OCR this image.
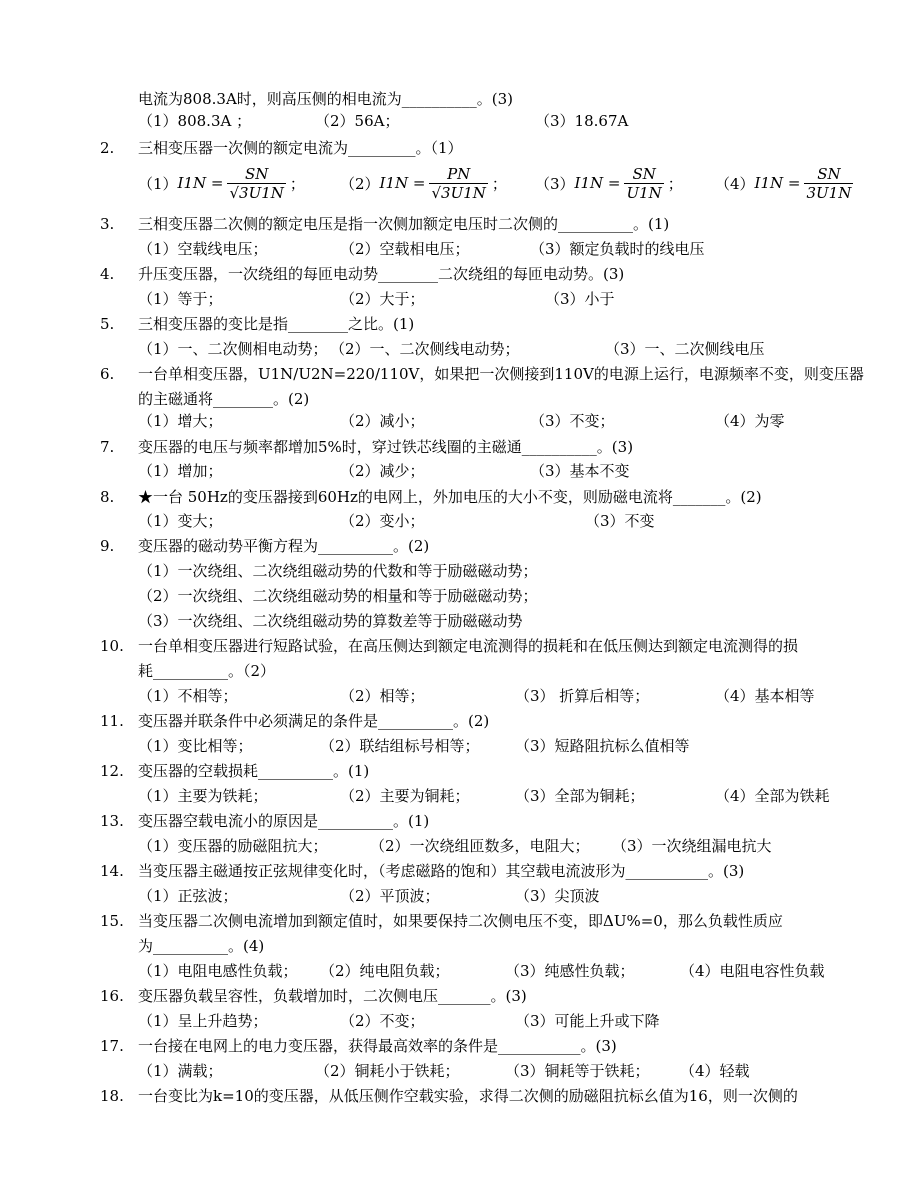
电流为808.3A时，则高压侧的相电流为__________。(3)
（1）808.3A ；	（2）56A；	（3）18.67A
2.	三相变压器一次侧的额定电流为_________。（1）
3.	三相变压器二次侧的额定电压是指一次侧加额定电压时二次侧的__________。(1)
（1）空载线电压；	（2）空载相电压；	（3）额定负载时的线电压
4.	升压变压器，一次绕组的每匝电动势________二次绕组的每匝电动势。(3)
（1）等于；	（2）大于；	（3）小于
5.	三相变压器的变比是指________之比。(1)
（1）一、二次侧相电动势； （2）一、二次侧线电动势；	（3）一、二次侧线电压
6.	一台单相变压器，U1N/U2N=220/110V，如果把一次侧接到110V的电源上运行，电源频率不变，则变压器
的主磁通将________。(2)
（1）增大；	（2）减小；	（3）不变；	（4）为零
7.	变压器的电压与频率都增加5%时，穿过铁芯线圈的主磁通__________。(3)
（1）增加；	（2）减少；	（3）基本不变
8.	★一台 50Hz的变压器接到60Hz的电网上，外加电压的大小不变，则励磁电流将_______。(2)
（1）变大；	（2）变小；	（3）不变
9.	变压器的磁动势平衡方程为__________。(2)
（1）一次绕组、二次绕组磁动势的代数和等于励磁磁动势；
（2）一次绕组、二次绕组磁动势的相量和等于励磁磁动势；
（3）一次绕组、二次绕组磁动势的算数差等于励磁磁动势
10. 一台单相变压器进行短路试验，在高压侧达到额定电流测得的损耗和在低压侧达到额定电流测得的损
耗__________。（2）
（1）不相等；	（2）相等；	（3） 折算后相等；	（4）基本相等
11. 变压器并联条件中必须满足的条件是__________。(2)
（1）变比相等；	（2）联结组标号相等； （3）短路阻抗标么值相等
12. 变压器的空载损耗__________。(1)
（1）主要为铁耗；	（2）主要为铜耗；	（3）全部为铜耗；	（4）全部为铁耗
13. 变压器空载电流小的原因是__________。(1)
（1）变压器的励磁阻抗大；	（2）一次绕组匝数多，电阻大； （3）一次绕组漏电抗大
14. 当变压器主磁通按正弦规律变化时，（考虑磁路的饱和）其空载电流波形为___________。(3)
（1）正弦波；	（2）平顶波；	（3）尖顶波
15. 当变压器二次侧电流增加到额定值时，如果要保持二次侧电压不变，即ΔU%=0，那么负载性质应
为__________。(4)
（1）电阻电感性负载； （2）纯电阻负载；	（3）纯感性负载；	（4）电阻电容性负载
16. 变压器负载呈容性，负载增加时，二次侧电压_______。(3)
（1）呈上升趋势；	（2）不变；	（3）可能上升或下降
17. 一台接在电网上的电力变压器，获得最高效率的条件是___________。(3)
（1）满载；	（2）铜耗小于铁耗；	（3）铜耗等于铁耗； （4）轻载
18. 一台变比为k=10的变压器，从低压侧作空载实验，求得二次侧的励磁阻抗标幺值为16，则一次侧的
（1） $I1N = \frac{SN}{√3U1N}$ ； （2） $I1N = \frac{PN}{√3U1N}$ ； （3） $I1N = \frac{SN}{U1N}$ ； （4） $I1N = \frac{SN}{3U1N}$
